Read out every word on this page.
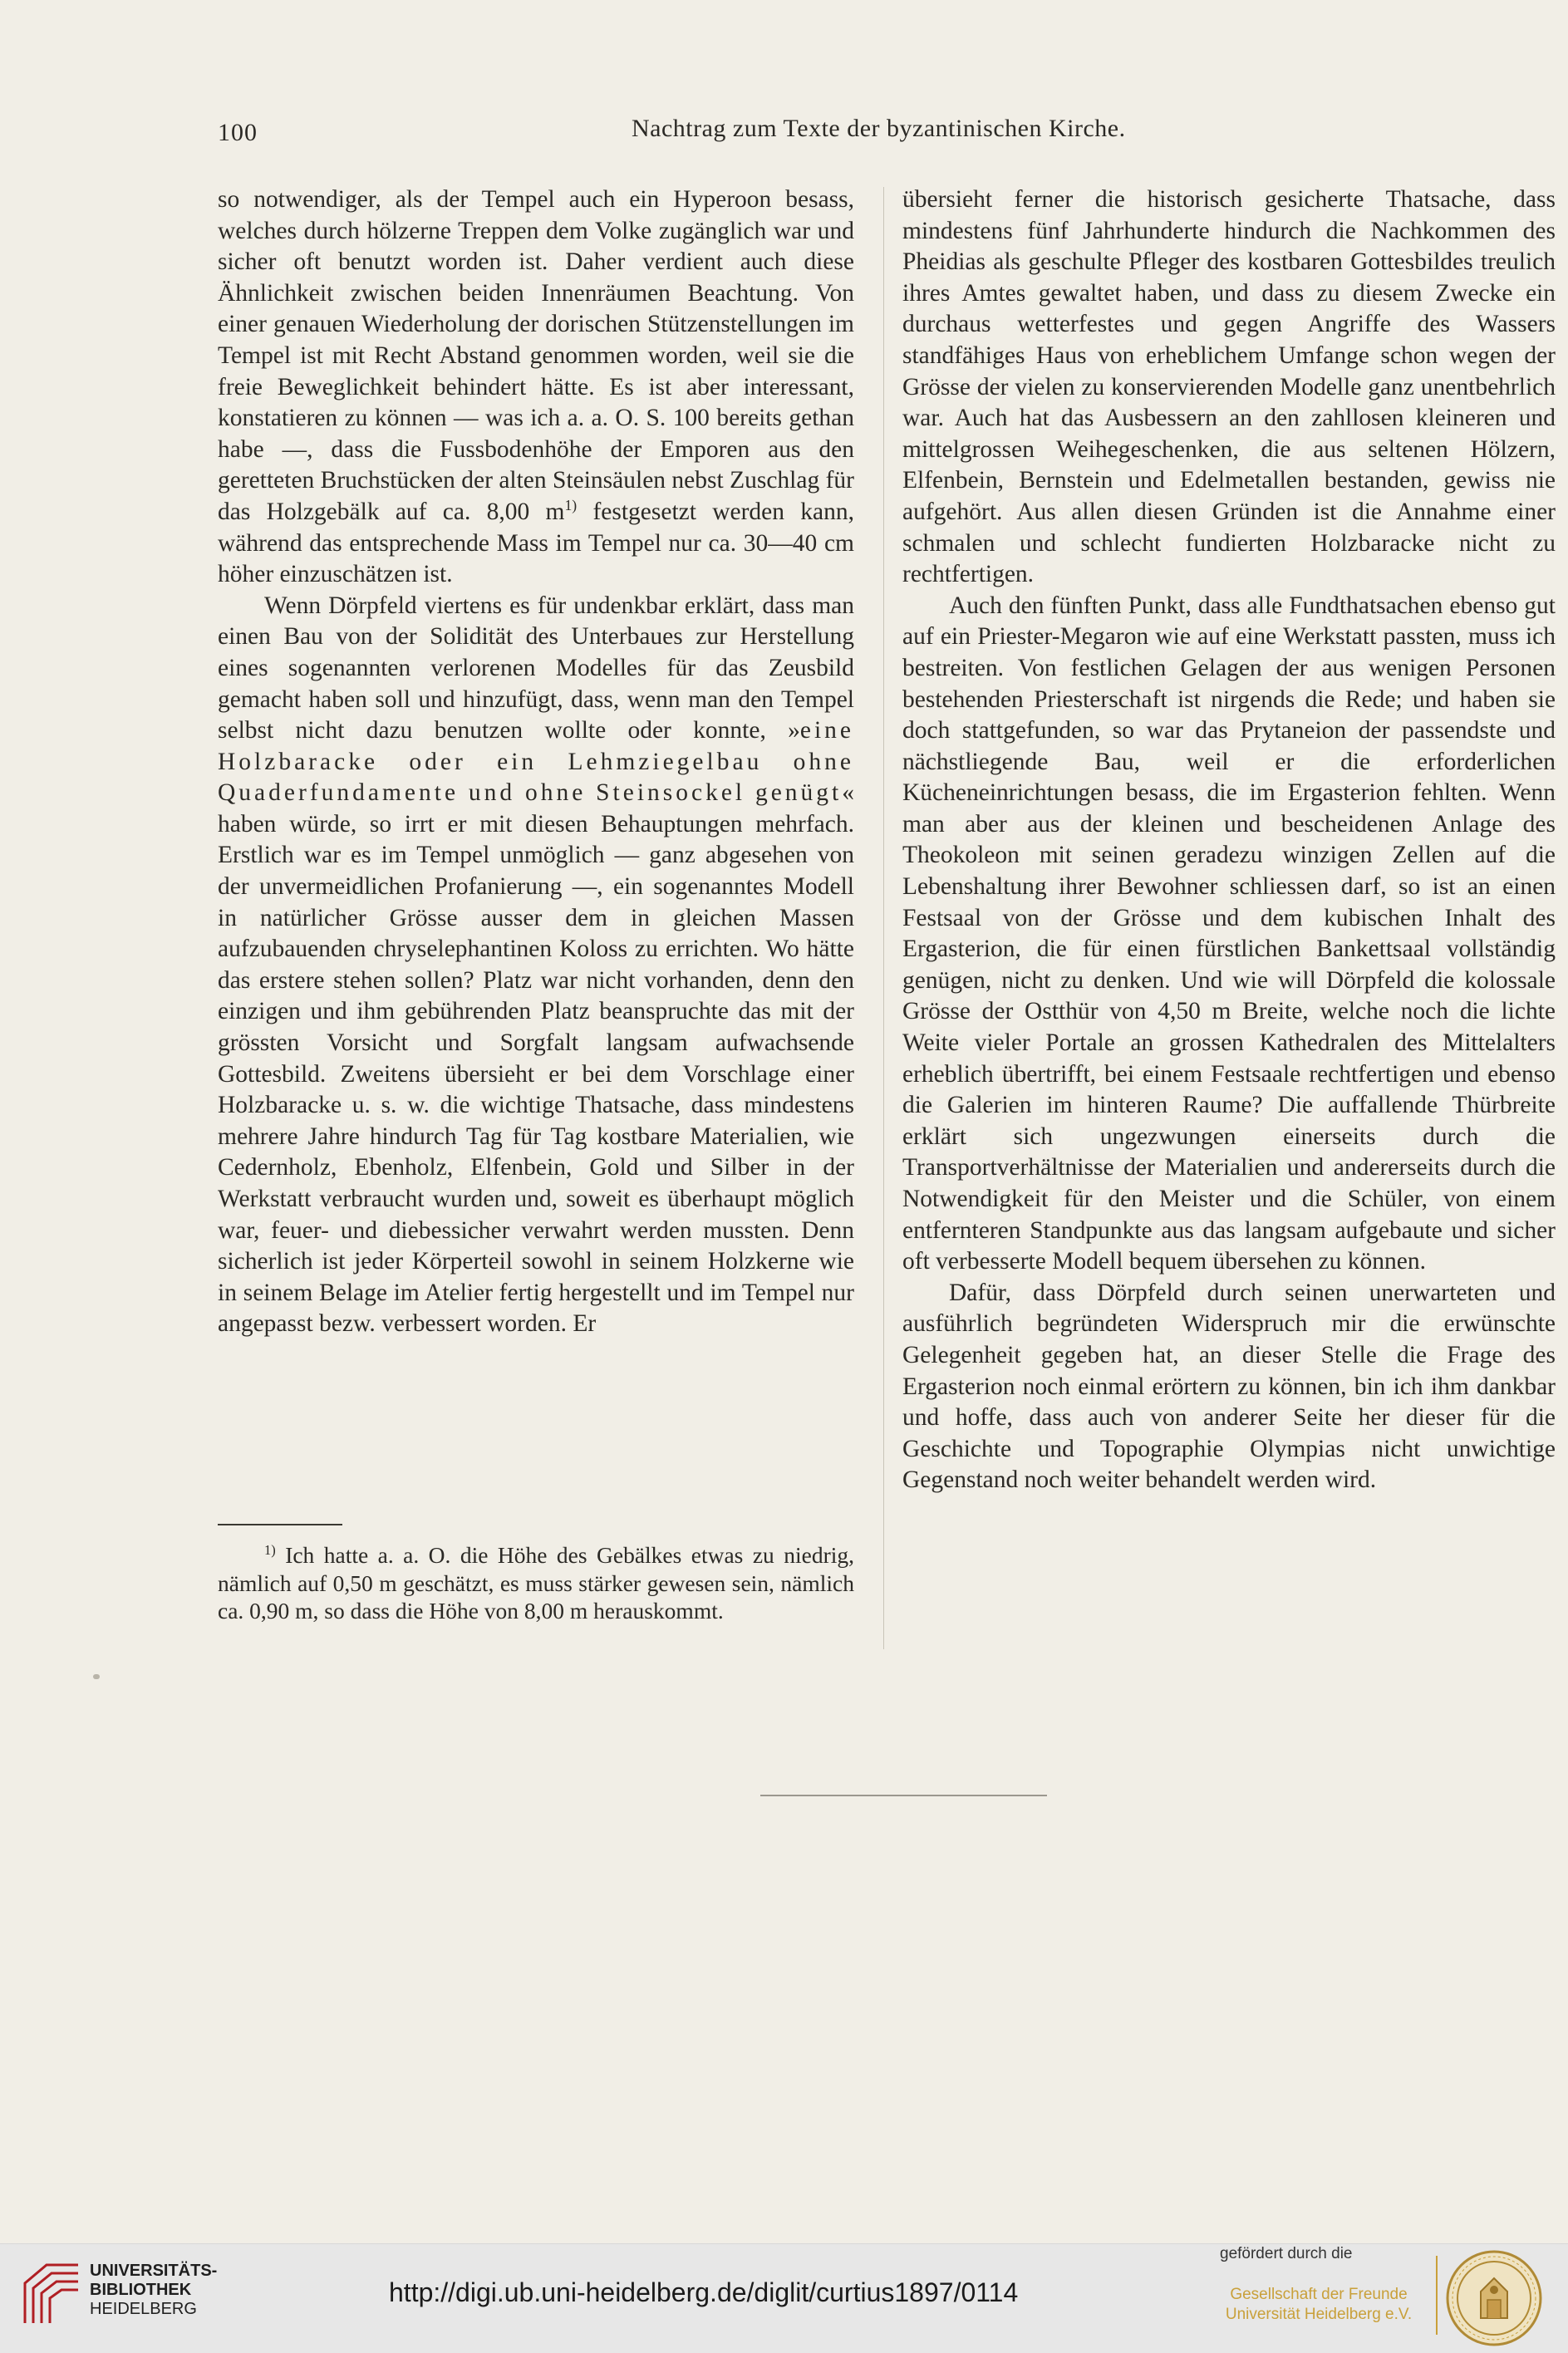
100	Nachtrag zum Texte der byzantinischen Kirche.

so notwendiger, als der Tempel auch ein Hyperoon besass, welches durch hölzerne Treppen dem Volke zugänglich war und sicher oft benutzt worden ist. Daher verdient auch diese Ähnlichkeit zwischen beiden Innenräumen Beachtung. Von einer genauen Wiederholung der dorischen Stützenstellungen im Tempel ist mit Recht Abstand genommen worden, weil sie die freie Beweglichkeit behindert hätte. Es ist aber interessant, konstatieren zu können — was ich a. a. O. S. 100 bereits gethan habe —, dass die Fussbodenhöhe der Emporen aus den geretteten Bruchstücken der alten Steinsäulen nebst Zuschlag für das Holzgebälk auf ca. 8,00 $m^{1)}$ festgesetzt werden kann, während das entsprechende Mass im Tempel nur ca. 30—40 cm höher einzuschätzen ist.

Wenn Dörpfeld viertens es für undenkbar erklärt, dass man einen Bau von der Solidität des Unterbaues zur Herstellung eines sogenannten verlorenen Modelles für das Zeusbild gemacht haben soll und hinzufügt, dass, wenn man den Tempel selbst nicht dazu benutzen wollte oder konnte, »eine Holzbaracke oder ein Lehmziegelbau ohne Quaderfundamente und ohne Steinsockel genügt« haben würde, so irrt er mit diesen Behauptungen mehrfach. Erstlich war es im Tempel unmöglich — ganz abgesehen von der unvermeidlichen Profanierung —, ein sogenanntes Modell in natürlicher Grösse ausser dem in gleichen Massen aufzubauenden chryselephantinen Koloss zu errichten. Wo hätte das erstere stehen sollen? Platz war nicht vorhanden, denn den einzigen und ihm gebührenden Platz beanspruchte das mit der grössten Vorsicht und Sorgfalt langsam aufwachsende Gottesbild. Zweitens übersieht er bei dem Vorschlage einer Holzbaracke u. s. w. die wichtige Thatsache, dass mindestens mehrere Jahre hindurch Tag für Tag kostbare Materialien, wie Cedernholz, Ebenholz, Elfenbein, Gold und Silber in der Werkstatt verbraucht wurden und, soweit es überhaupt möglich war, feuer- und diebessicher verwahrt werden mussten. Denn sicherlich ist jeder Körperteil sowohl in seinem Holzkerne wie in seinem Belage im Atelier fertig hergestellt und im Tempel nur angepasst bezw. verbessert worden. Er

$^{1)}$ Ich hatte a. a. O. die Höhe des Gebälkes etwas zu niedrig, nämlich auf 0,50 m geschätzt, es muss stärker gewesen sein, nämlich ca. 0,90 m, so dass die Höhe von 8,00 m herauskommt.

übersieht ferner die historisch gesicherte Thatsache, dass mindestens fünf Jahrhunderte hindurch die Nachkommen des Pheidias als geschulte Pfleger des kostbaren Gottesbildes treulich ihres Amtes gewaltet haben, und dass zu diesem Zwecke ein durchaus wetterfestes und gegen Angriffe des Wassers standfähiges Haus von erheblichem Umfange schon wegen der Grösse der vielen zu konservierenden Modelle ganz unentbehrlich war. Auch hat das Ausbessern an den zahllosen kleineren und mittelgrossen Weihegeschenken, die aus seltenen Hölzern, Elfenbein, Bernstein und Edelmetallen bestanden, gewiss nie aufgehört. Aus allen diesen Gründen ist die Annahme einer schmalen und schlecht fundierten Holzbaracke nicht zu rechtfertigen.

Auch den fünften Punkt, dass alle Fundthatsachen ebenso gut auf ein Priester-Megaron wie auf eine Werkstatt passten, muss ich bestreiten. Von festlichen Gelagen der aus wenigen Personen bestehenden Priesterschaft ist nirgends die Rede; und haben sie doch stattgefunden, so war das Prytaneion der passendste und nächstliegende Bau, weil er die erforderlichen Kücheneinrichtungen besass, die im Ergasterion fehlten. Wenn man aber aus der kleinen und bescheidenen Anlage des Theokoleon mit seinen geradezu winzigen Zellen auf die Lebenshaltung ihrer Bewohner schliessen darf, so ist an einen Festsaal von der Grösse und dem kubischen Inhalt des Ergasterion, die für einen fürstlichen Bankettsaal vollständig genügen, nicht zu denken. Und wie will Dörpfeld die kolossale Grösse der Ostthür von 4,50 m Breite, welche noch die lichte Weite vieler Portale an grossen Kathedralen des Mittelalters erheblich übertrifft, bei einem Festsaale rechtfertigen und ebenso die Galerien im hinteren Raume? Die auffallende Thürbreite erklärt sich ungezwungen einerseits durch die Transportverhältnisse der Materialien und andererseits durch die Notwendigkeit für den Meister und die Schüler, von einem entfernteren Standpunkte aus das langsam aufgebaute und sicher oft verbesserte Modell bequem übersehen zu können.

Dafür, dass Dörpfeld durch seinen unerwarteten und ausführlich begründeten Widerspruch mir die erwünschte Gelegenheit gegeben hat, an dieser Stelle die Frage des Ergasterion noch einmal erörtern zu können, bin ich ihm dankbar und hoffe, dass auch von anderer Seite her dieser für die Geschichte und Topographie Olympias nicht unwichtige Gegenstand noch weiter behandelt werden wird.

UNIVERSITÄTS-
BIBLIOTHEK
HEIDELBERG
http://digi.ub.uni-heidelberg.de/diglit/curtius1897/0114
gefördert durch die
Gesellschaft der Freunde
Universität Heidelberg e.V.
